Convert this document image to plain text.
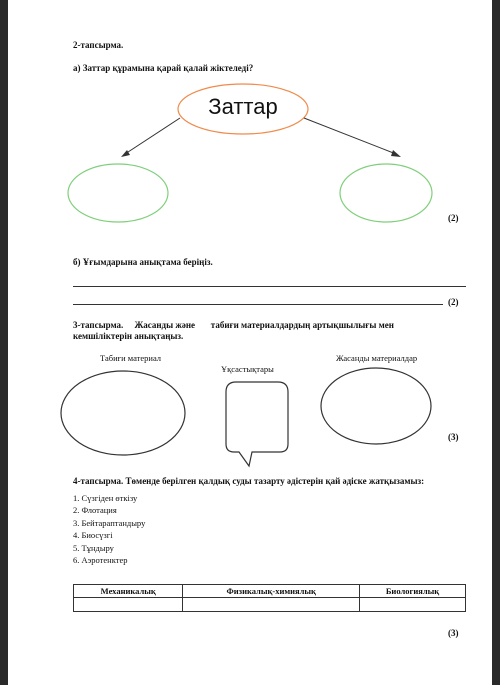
2-тапсырма.
а) Заттар құрамына қарай қалай жіктеледі?
Заттар
(2)
б) Ұғымдарына анықтама беріңіз.
(2)
3-тапсырма.     Жасанды және       табиғи материалдардың артықшылығы мен
кемшіліктерін анықтаңыз.
Табиғи материал
Ұқсастықтары
Жасанды материалдар
(3)
4-тапсырма. Төменде берілген қалдық суды тазарту әдістерін қай әдіске жатқызамыз:
1. Сүзгіден өткізу
2. Флотация
3. Бейтараптандыру
4. Биосүзгі
5. Тұндыру
6. Аэротенктер
Механикалық	Физикалық-химиялық	Биологиялық

(3)
